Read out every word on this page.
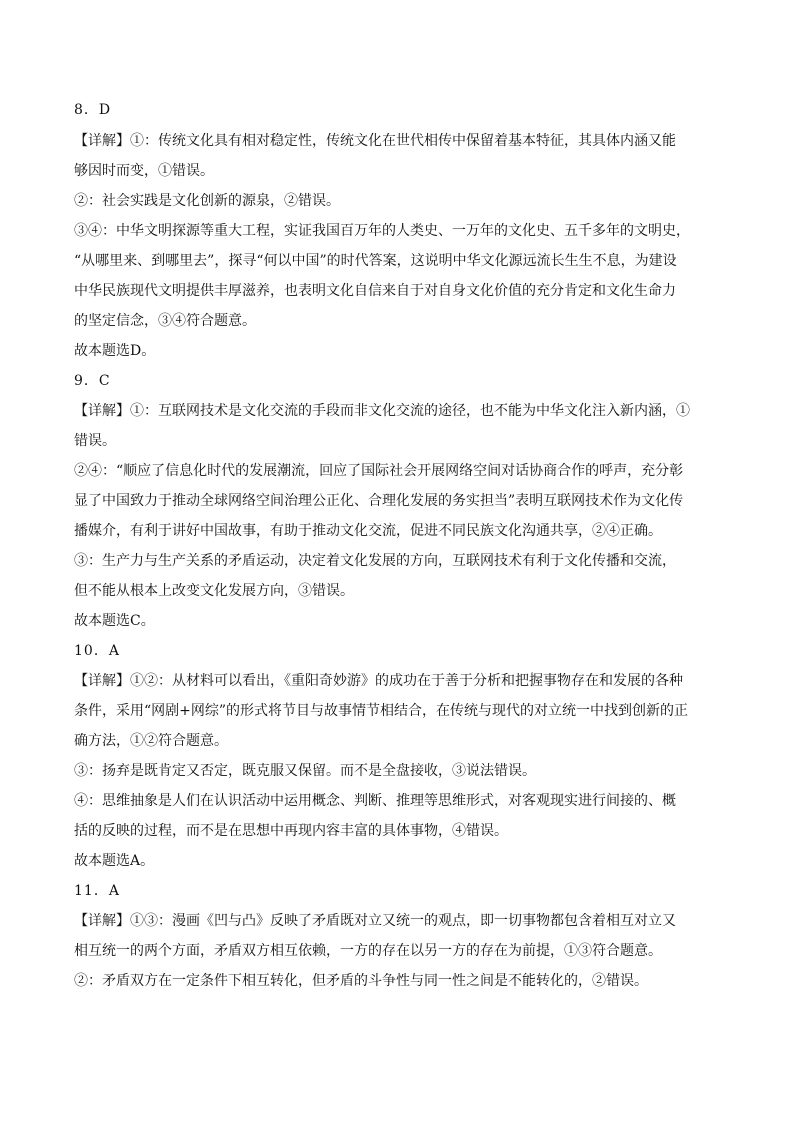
8．D

【详解】①：传统文化具有相对稳定性，传统文化在世代相传中保留着基本特征，其具体内涵又能

够因时而变，①错误。

②：社会实践是文化创新的源泉，②错误。

③④：中华文明探源等重大工程，实证我国百万年的人类史、一万年的文化史、五千多年的文明史，

“从哪里来、到哪里去”，探寻“何以中国”的时代答案，这说明中华文化源远流长生生不息，为建设

中华民族现代文明提供丰厚滋养，也表明文化自信来自于对自身文化价值的充分肯定和文化生命力

的坚定信念，③④符合题意。

故本题选D。

9．C

【详解】①：互联网技术是文化交流的手段而非文化交流的途径，也不能为中华文化注入新内涵，①

错误。

②④：“顺应了信息化时代的发展潮流，回应了国际社会开展网络空间对话协商合作的呼声，充分彰

显了中国致力于推动全球网络空间治理公正化、合理化发展的务实担当”表明互联网技术作为文化传

播媒介，有利于讲好中国故事，有助于推动文化交流，促进不同民族文化沟通共享，②④正确。

③：生产力与生产关系的矛盾运动，决定着文化发展的方向，互联网技术有利于文化传播和交流，

但不能从根本上改变文化发展方向，③错误。

故本题选C。

10．A

【详解】①②：从材料可以看出，《重阳奇妙游》的成功在于善于分析和把握事物存在和发展的各种

条件，采用“网剧+网综”的形式将节目与故事情节相结合，在传统与现代的对立统一中找到创新的正

确方法，①②符合题意。

③：扬弃是既肯定又否定，既克服又保留。而不是全盘接收，③说法错误。

④：思维抽象是人们在认识活动中运用概念、判断、推理等思维形式，对客观现实进行间接的、概

括的反映的过程，而不是在思想中再现内容丰富的具体事物，④错误。

故本题选A。

11．A

【详解】①③：漫画《凹与凸》反映了矛盾既对立又统一的观点，即一切事物都包含着相互对立又

相互统一的两个方面，矛盾双方相互依赖，一方的存在以另一方的存在为前提，①③符合题意。

②：矛盾双方在一定条件下相互转化，但矛盾的斗争性与同一性之间是不能转化的，②错误。
